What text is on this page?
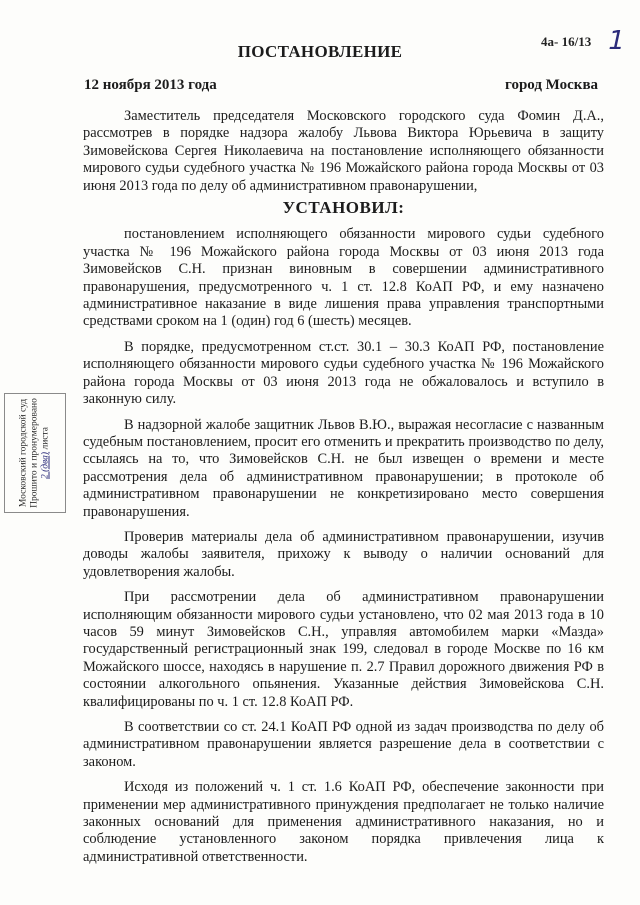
4а- 16/13 1
ПОСТАНОВЛЕНИЕ
12 ноября 2013 года	город Москва

Заместитель председателя Московского городского суда Фомин Д.А., рассмотрев в порядке надзора жалобу Львова Виктора Юрьевича в защиту Зимовейскова Сергея Николаевича на постановление исполняющего обязанности мирового судьи судебного участка № 196 Можайского района города Москвы от 03 июня 2013 года по делу об административном правонарушении,

УСТАНОВИЛ:

постановлением исполняющего обязанности мирового судьи судебного участка № 196 Можайского района города Москвы от 03 июня 2013 года Зимовейсков С.Н. признан виновным в совершении административного правонарушения, предусмотренного ч. 1 ст. 12.8 КоАП РФ, и ему назначено административное наказание в виде лишения права управления транспортными средствами сроком на 1 (один) год 6 (шесть) месяцев.

В порядке, предусмотренном ст.ст. 30.1 – 30.3 КоАП РФ, постановление исполняющего обязанности мирового судьи судебного участка № 196 Можайского района города Москвы от 03 июня 2013 года не обжаловалось и вступило в законную силу.

В надзорной жалобе защитник Львов В.Ю., выражая несогласие с названным судебным постановлением, просит его отменить и прекратить производство по делу, ссылаясь на то, что Зимовейсков С.Н. не был извещен о времени и месте рассмотрения дела об административном правонарушении; в протоколе об административном правонарушении не конкретизировано место совершения правонарушения.

Проверив материалы дела об административном правонарушении, изучив доводы жалобы заявителя, прихожу к выводу о наличии оснований для удовлетворения жалобы.

При рассмотрении дела об административном правонарушении исполняющим обязанности мирового судьи установлено, что 02 мая 2013 года в 10 часов 59 минут Зимовейсков С.Н., управляя автомобилем марки «Мазда» государственный регистрационный знак 199, следовал в городе Москве по 16 км Можайского шоссе, находясь в нарушение п. 2.7 Правил дорожного движения РФ в состоянии алкогольного опьянения. Указанные действия Зимовейскова С.Н. квалифицированы по ч. 1 ст. 12.8 КоАП РФ.

В соответствии со ст. 24.1 КоАП РФ одной из задач производства по делу об административном правонарушении является разрешение дела в соответствии с законом.

Исходя из положений ч. 1 ст. 1.6 КоАП РФ, обеспечение законности при применении мер административного принуждения предполагает не только наличие законных оснований для применения административного наказания, но и соблюдение установленного законом порядка привлечения лица к административной ответственности.

Московский городской суд Прошито и пронумеровано 2 (два) листа
